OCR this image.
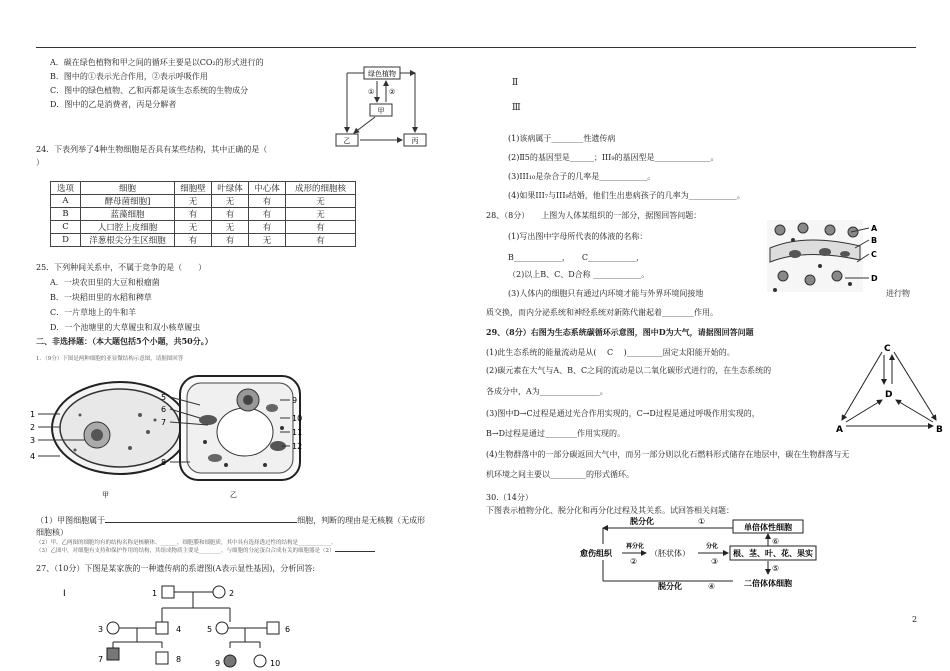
A．碳在绿色植物和甲之间的循环主要是以CO₂的形式进行的
B．图中的①表示光合作用，②表示呼吸作用
C．图中的绿色植物、乙和丙都是该生态系统的生物成分
D．图中的乙是消费者，丙是分解者
绿色植物
甲
乙	丙
① ②
24．下表列举了4种生物细胞是否具有某些结构，其中正确的是（
）
选项	细胞	细胞壁	叶绿体	中心体	成形的细胞核
A	酵母菌细胞]	无	无	有	无
B	蓝藻细胞	有	有	有	无
C	人口腔上皮细胞	无	无	有	有
D	洋葱根尖分生区细胞	有	有	无	有
25．下列种间关系中，不属于竞争的是（　　）
A．一块农田里的大豆和根瘤菌
B．一块稻田里的水稻和稗草
C．一片草地上的牛和羊
D．一个池塘里的大草履虫和双小核草履虫
二、非选择题：（本大题包括5个小题，共50分。）
1．（9分）下图是两种细胞的亚显微结构示意图，请据图回答
1
2
3
4
甲
5
6
7
8
9
10
11
12
乙
（1）甲图细胞属于	细胞，判断的理由是无核膜（无成形
细胞核）
（2）甲、乙两图的细胞均有的结构名称是核糖体、______，细胞膜和细胞质，其中具有选择透过性的结构是____________。
（3）乙图中，对细胞有支持和保护作用的结构，其组成物质主要是________。与细胞的分泌蛋白合成有关的细胞器是（2）
27、（10分）下图是某家族的一种遗传病的系谱图(A表示显性基因)，分析回答:
Ⅰ	1	2
3	4	5	6
7	8	9	10
Ⅱ
Ⅲ
(1)该病属于________性遗传病
(2)Ⅱ5的基因型是______；III₉的基因型是______________。
(3)III₁₀是杂合子的几率是____________。
(4)如果III₇与III₉结婚，他们生出患病孩子的几率为____________。
28、（8分）　　上图为人体某组织的一部分，据图回答问题：
(1)写出图中字母所代表的体液的名称：
B____________，　　C____________，
（2)以上B、C、D合称 ____________。
(3)人体内的细胞只有通过内环境才能与外界环境间接地	进行物
质交换，而内分泌系统和神经系统对新陈代谢起着________作用。
A
B
C
D
29、（8分）右图为生态系统碳循环示意图，图中D为大气，请据图回答问题
(1)此生态系统的能量流动是从(　 C 　)_________固定太阳能开始的。
(2)碳元素在大气与A、B、C之间的流动是以二氧化碳形式进行的，在生态系统的
各成分中，A为_______________。
(3)图中D→C过程是通过光合作用实现的，C→D过程是通过呼吸作用实现的，
B→D过程是通过________作用实现的。
(4)生物群落中的一部分碳返回大气中，而另一部分则以化石燃料形式储存在地层中，碳在生物群落与无
机环境之间主要以_________的形式循环。
C
D
A	B
30.（14分）
下图表示植物分化、脱分化和再分化过程及其关系。试回答相关问题：
脱分化	①
单倍体性细胞
⑥
愈伤组织
再分化
②
（胚状体）
分化
③
根、茎、叶、花、果实
⑤
脱分化	④	二倍体体细胞
2
